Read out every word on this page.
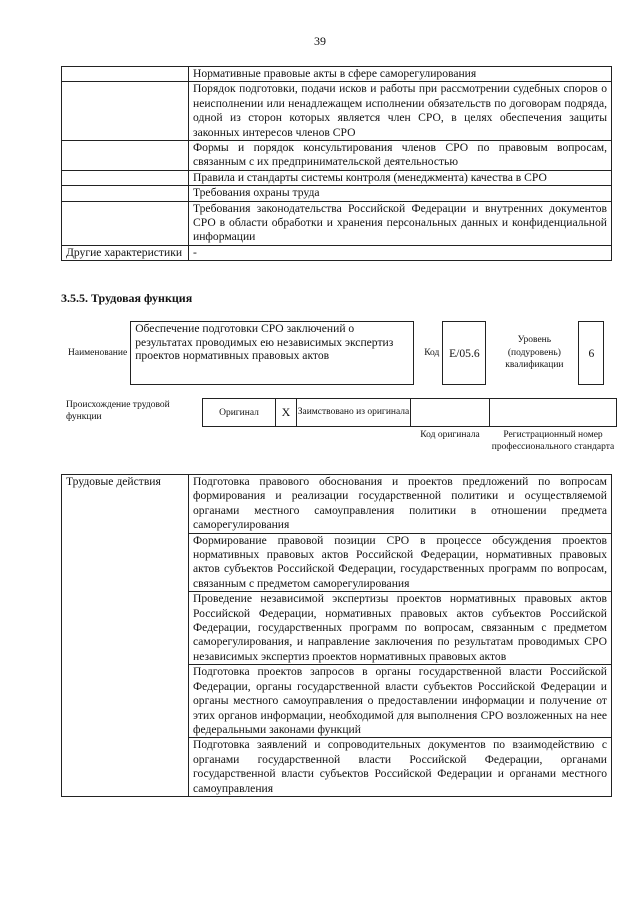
39
	Нормативные правовые акты в сфере саморегулирования
	Порядок подготовки, подачи исков и работы при рассмотрении судебных споров о неисполнении или ненадлежащем исполнении обязательств по договорам подряда, одной из сторон которых является член СРО, в целях обеспечения защиты законных интересов членов СРО
	Формы и порядок консультирования членов СРО по правовым вопросам, связанным с их предпринимательской деятельностью
	Правила и стандарты системы контроля (менеджмента) качества в СРО
	Требования охраны труда
	Требования законодательства Российской Федерации и внутренних документов СРО в области обработки и хранения персональных данных и конфиденциальной информации
Другие характеристики	-
3.5.5. Трудовая функция
Наименование	Обеспечение подготовки СРО заключений о результатах проводимых ею независимых экспертиз проектов нормативных правовых актов		Код	E/05.6		Уровень (подуровень) квалификации		6
Происхождение трудовой функции	Оригинал	X	Заимствовано из оригинала		
				Код оригинала	Регистрационный номер профессионального стандарта
Трудовые действия	Подготовка правового обоснования и проектов предложений по вопросам формирования и реализации государственной политики и осуществляемой органами местного самоуправления политики в отношении предмета саморегулирования
Формирование правовой позиции СРО в процессе обсуждения проектов нормативных правовых актов Российской Федерации, нормативных правовых актов субъектов Российской Федерации, государственных программ по вопросам, связанным с предметом саморегулирования
Проведение независимой экспертизы проектов нормативных правовых актов Российской Федерации, нормативных правовых актов субъектов Российской Федерации, государственных программ по вопросам, связанным с предметом саморегулирования, и направление заключения по результатам проводимых СРО независимых экспертиз проектов нормативных правовых актов
Подготовка проектов запросов в органы государственной власти Российской Федерации, органы государственной власти субъектов Российской Федерации и органы местного самоуправления о предоставлении информации и получение от этих органов информации, необходимой для выполнения СРО возложенных на нее федеральными законами функций
Подготовка заявлений и сопроводительных документов по взаимодействию с органами государственной власти Российской Федерации, органами государственной власти субъектов Российской Федерации и органами местного самоуправления
